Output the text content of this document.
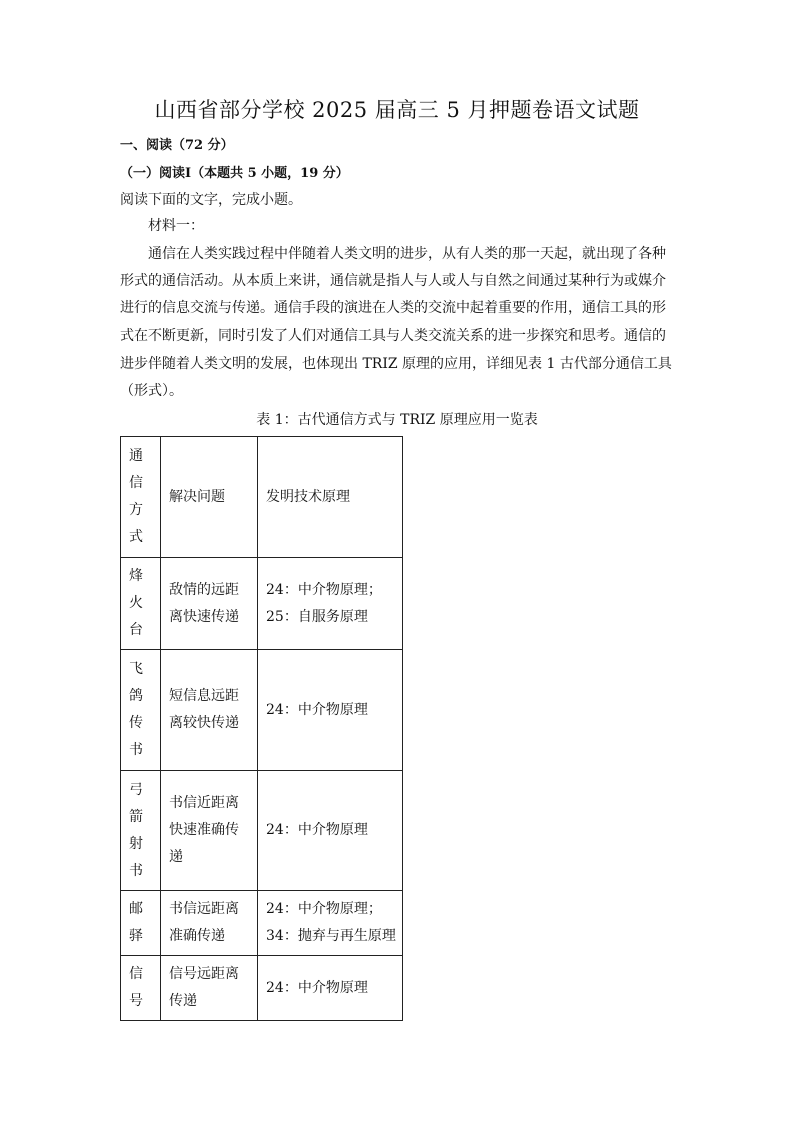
山西省部分学校 2025 届高三 5 月押题卷语文试题

一、阅读（72 分）

（一）阅读Ⅰ（本题共 5 小题，19 分）

阅读下面的文字，完成小题。

材料一：

通信在人类实践过程中伴随着人类文明的进步，从有人类的那一天起，就出现了各种

形式的通信活动。从本质上来讲，通信就是指人与人或人与自然之间通过某种行为或媒介

进行的信息交流与传递。通信手段的演进在人类的交流中起着重要的作用，通信工具的形

式在不断更新，同时引发了人们对通信工具与人类交流关系的进一步探究和思考。通信的

进步伴随着人类文明的发展，也体现出 TRIZ 原理的应用，详细见表 1 古代部分通信工具

（形式）。

表 1：古代通信方式与 TRIZ 原理应用一览表

通信方式	解决问题	发明技术原理

烽火台	敌情的远距离快速传递	24：中介物原理；
25：自服务原理

飞鸽传书	短信息远距离较快传递	24：中介物原理

弓箭射书	书信近距离快速准确传递	24：中介物原理

邮驿	书信远距离准确传递	24：中介物原理；
34：抛弃与再生原理

信号	信号远距离传递	24：中介物原理
